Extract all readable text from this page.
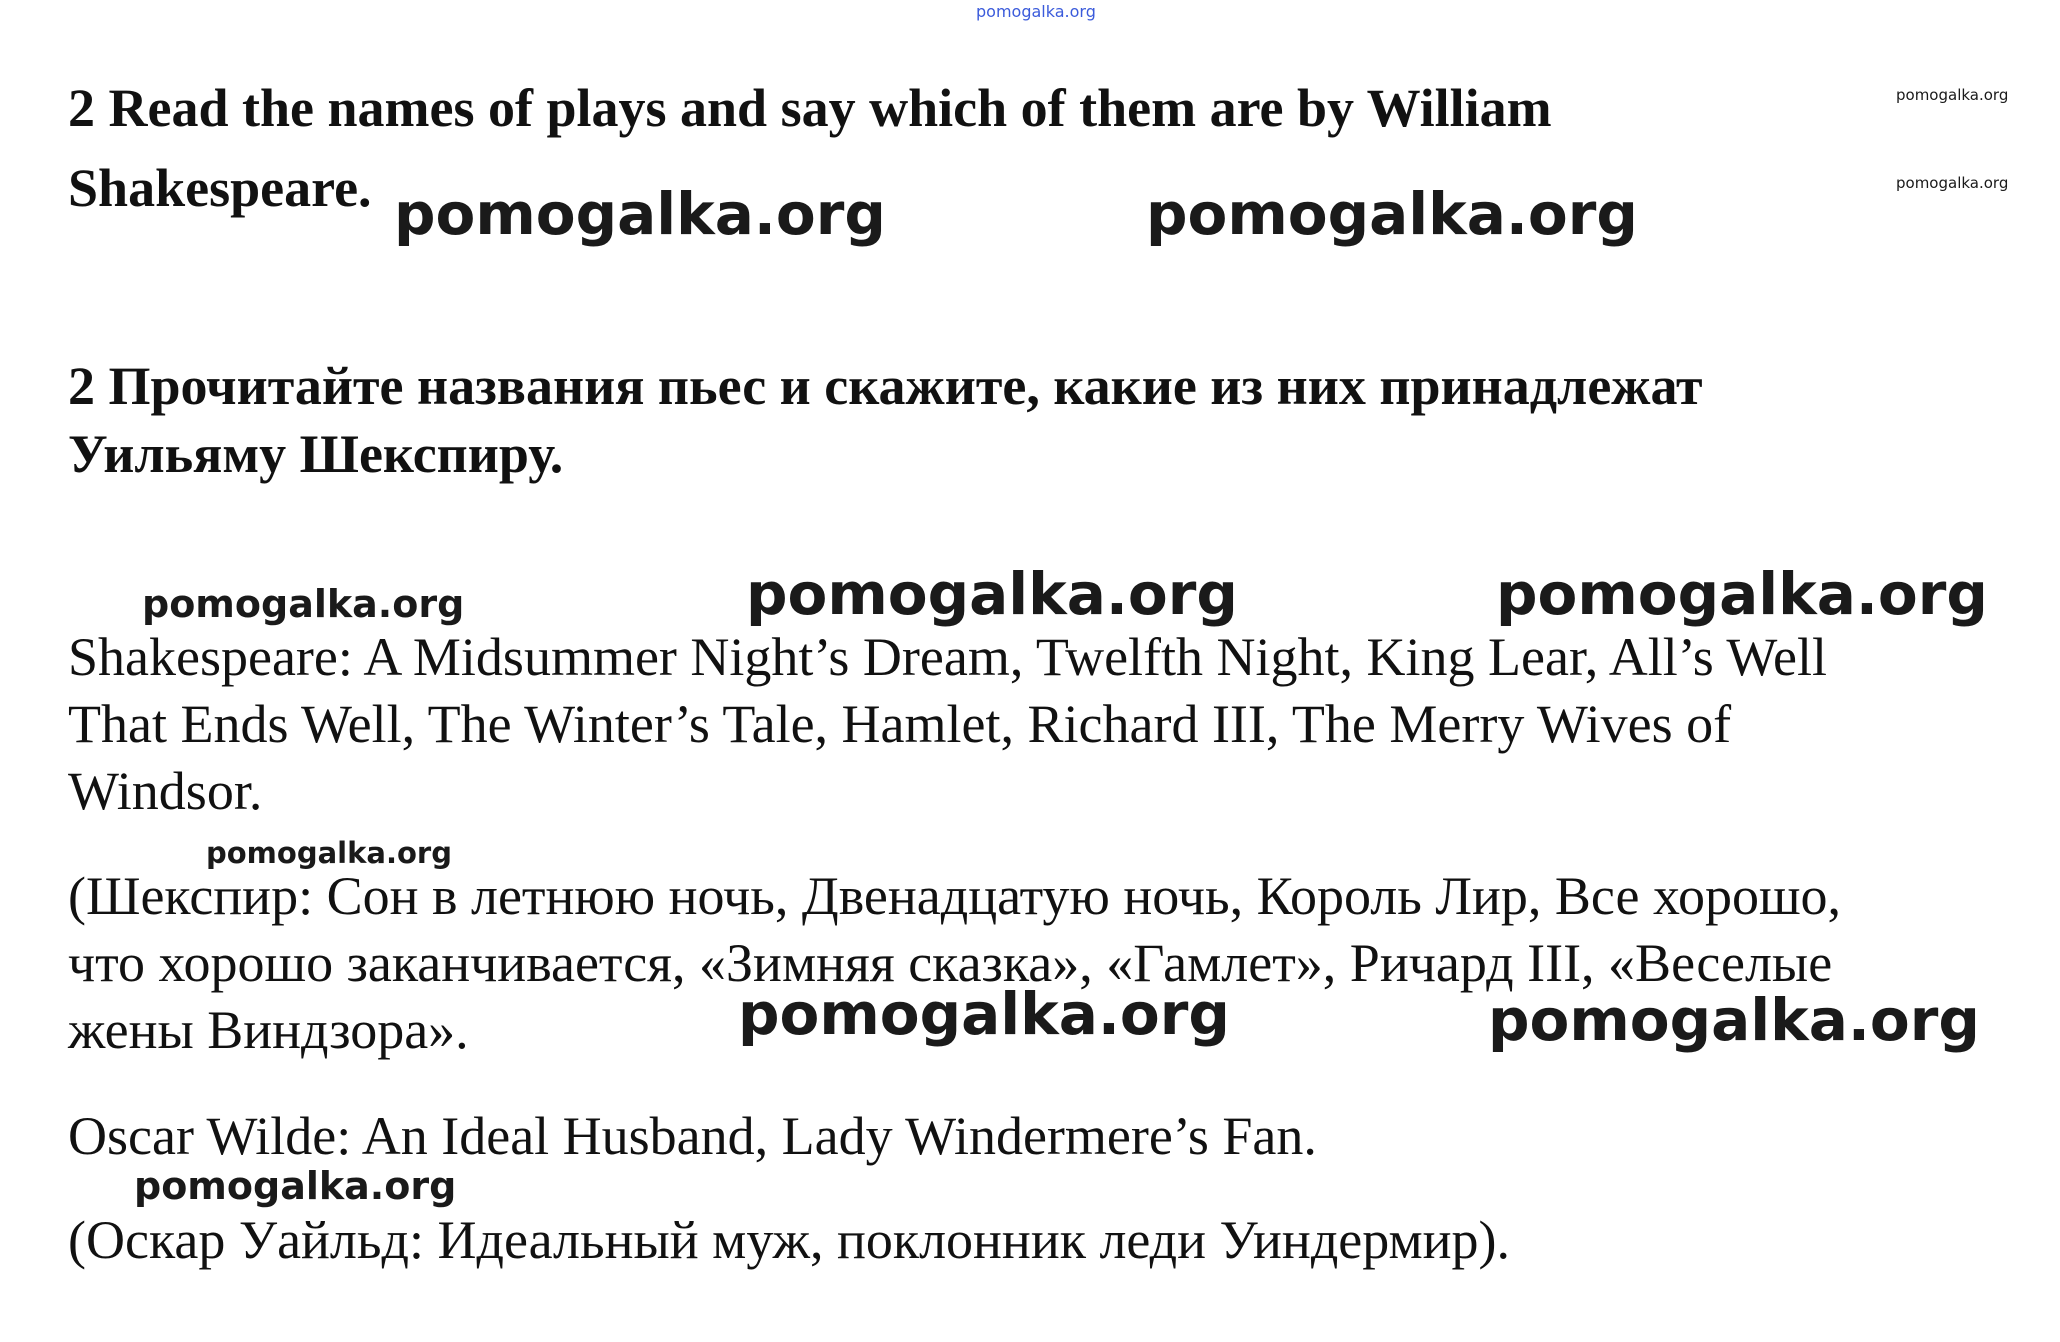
pomogalka.org
pomogalka.org
pomogalka.org

2 Read the names of plays and say which of them are by William

Shakespeare. pomogalka.org	pomogalka.org

2 Прочитайте названия пьес и скажите, какие из них принадлежат

Уильяму Шекспиру.

pomogalka.org	pomogalka.org	pomogalka.org

Shakespeare: A Midsummer Night’s Dream, Twelfth Night, King Lear, All’s Well

That Ends Well, The Winter’s Tale, Hamlet, Richard III, The Merry Wives of

Windsor.

pomogalka.org

(Шекспир: Сон в летнюю ночь, Двенадцатую ночь, Король Лир, Все хорошо,

что хорошо заканчивается, «Зимняя сказка», «Гамлет», Ричард III, «Веселые

жены Виндзора».	pomogalka.org	pomogalka.org

Oscar Wilde: An Ideal Husband, Lady Windermere’s Fan.

pomogalka.org

(Оскар Уайльд: Идеальный муж, поклонник леди Уиндермир).
